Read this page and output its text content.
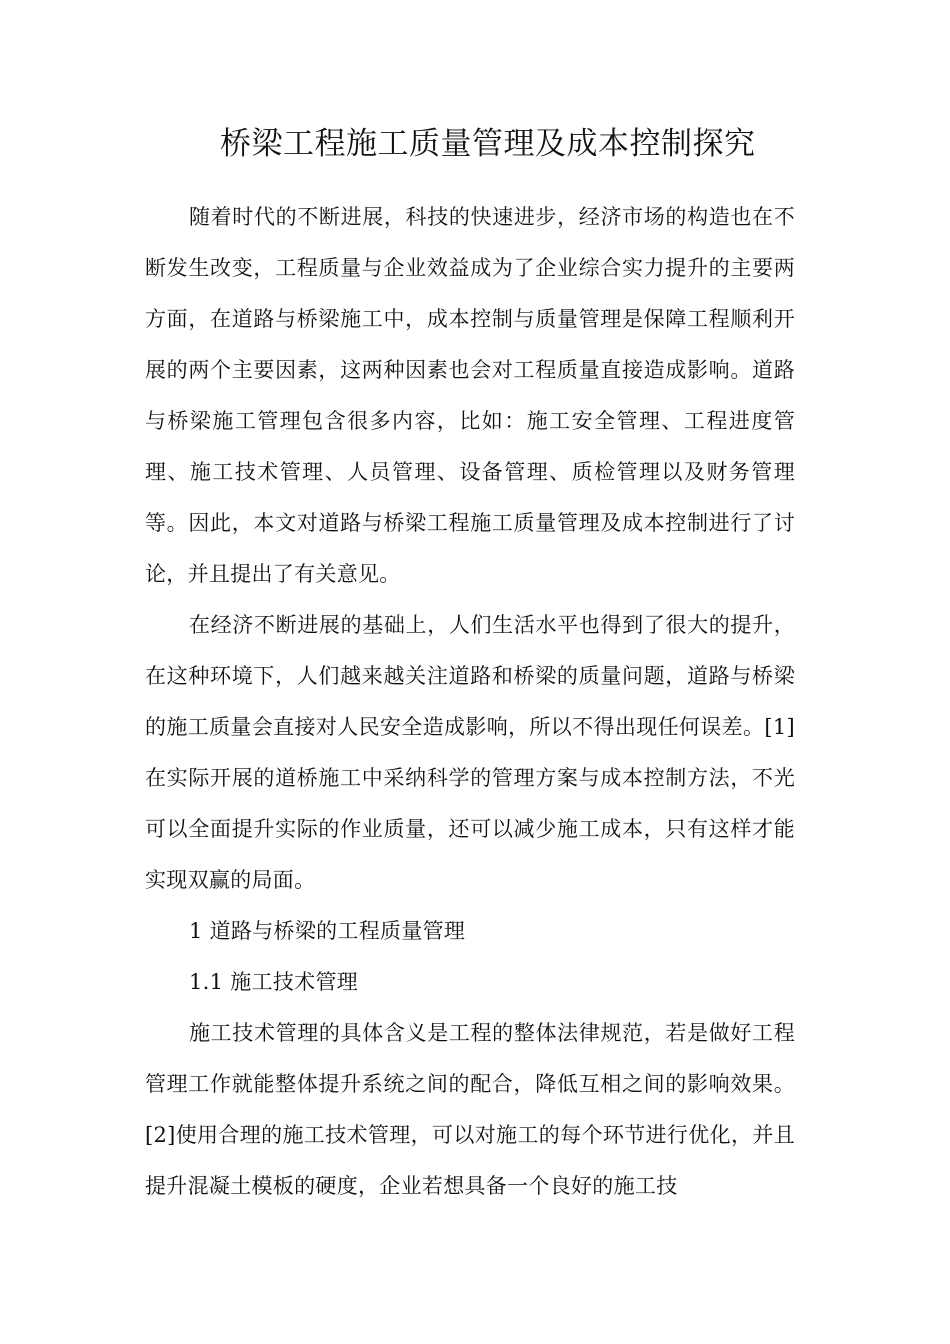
桥梁工程施工质量管理及成本控制探究

随着时代的不断进展，科技的快速进步，经济市场的构造也在不断发生改变，工程质量与企业效益成为了企业综合实力提升的主要两方面，在道路与桥梁施工中，成本控制与质量管理是保障工程顺利开展的两个主要因素，这两种因素也会对工程质量直接造成影响。道路与桥梁施工管理包含很多内容，比如：施工安全管理、工程进度管理、施工技术管理、人员管理、设备管理、质检管理以及财务管理等。因此，本文对道路与桥梁工程施工质量管理及成本控制进行了讨论，并且提出了有关意见。

在经济不断进展的基础上，人们生活水平也得到了很大的提升，在这种环境下，人们越来越关注道路和桥梁的质量问题，道路与桥梁的施工质量会直接对人民安全造成影响，所以不得出现任何误差。[1]在实际开展的道桥施工中采纳科学的管理方案与成本控制方法，不光可以全面提升实际的作业质量，还可以减少施工成本，只有这样才能实现双赢的局面。

1 道路与桥梁的工程质量管理

1.1 施工技术管理

施工技术管理的具体含义是工程的整体法律规范，若是做好工程管理工作就能整体提升系统之间的配合，降低互相之间的影响效果。[2]使用合理的施工技术管理，可以对施工的每个环节进行优化，并且提升混凝土模板的硬度，企业若想具备一个良好的施工技
